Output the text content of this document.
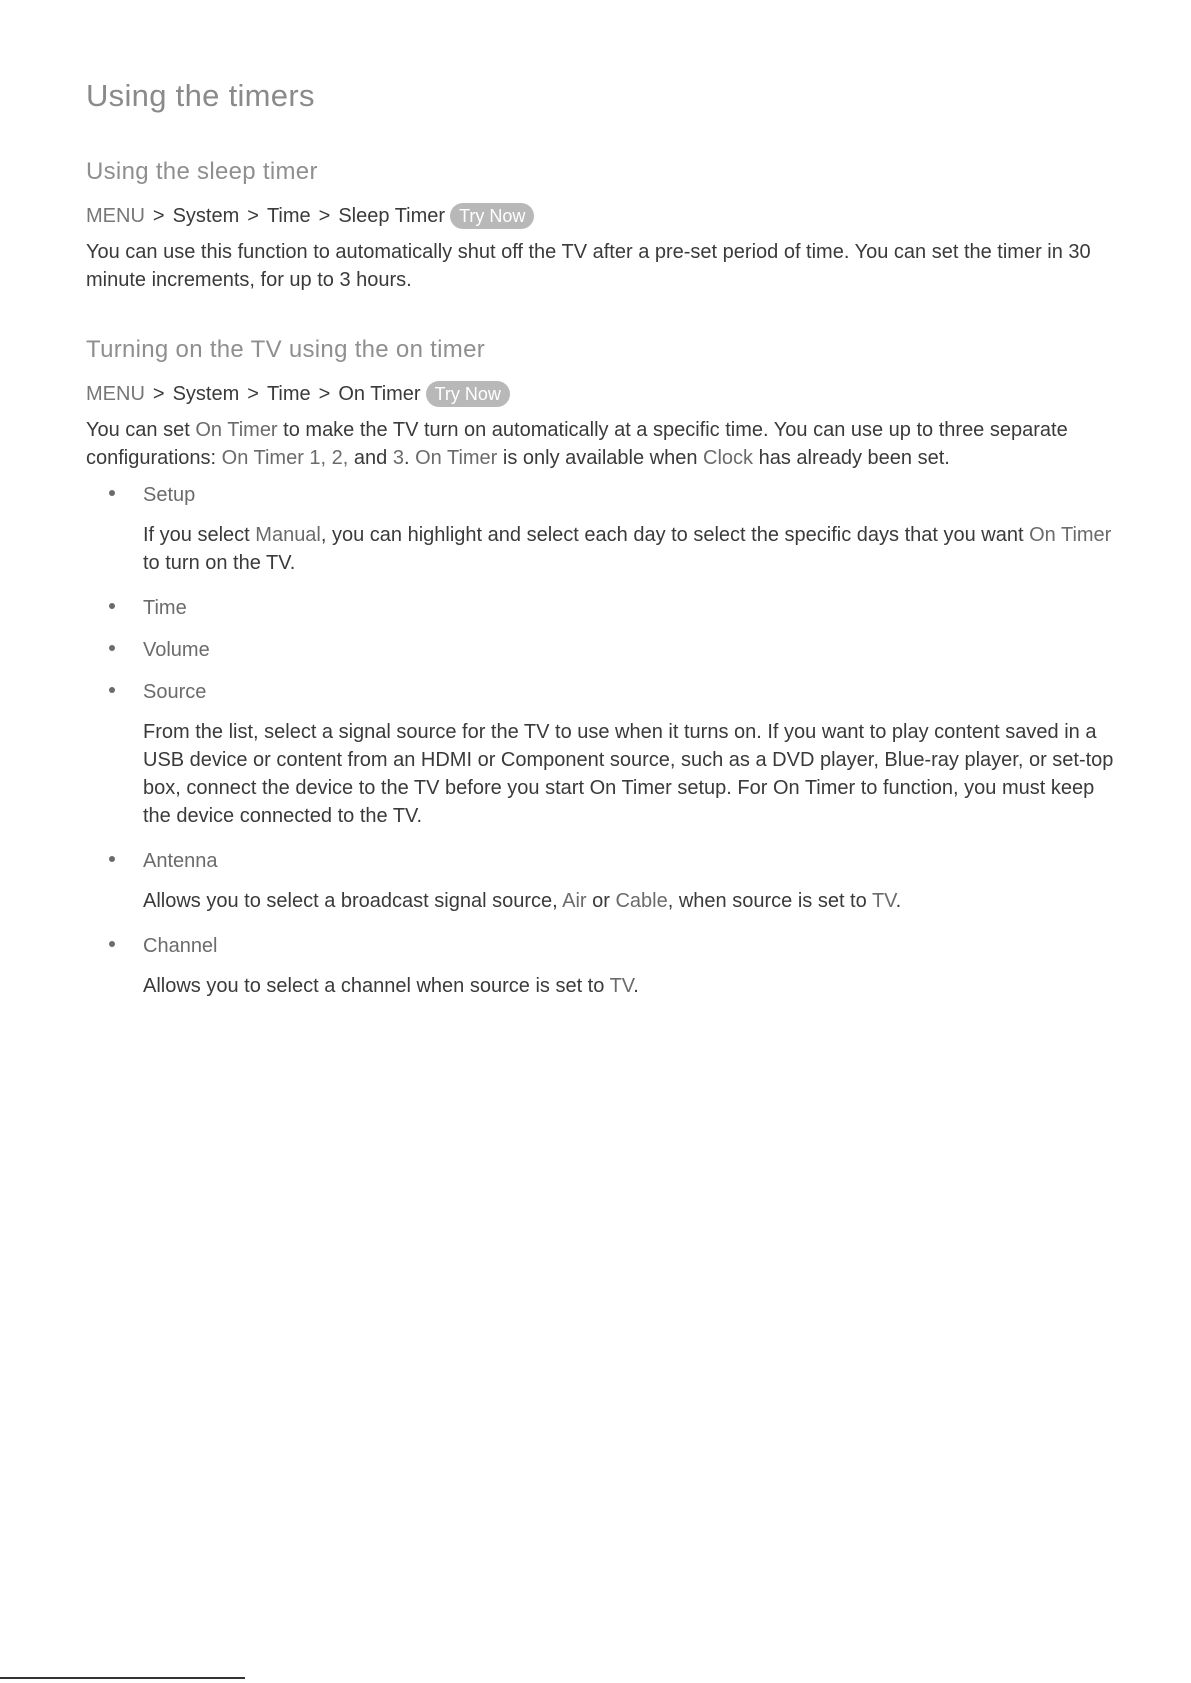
Using the timers
Using the sleep timer
MENU > System > Time > Sleep Timer Try Now

You can use this function to automatically shut off the TV after a pre-set period of time. You can set the timer in 30 minute increments, for up to 3 hours.

Turning on the TV using the on timer
MENU > System > Time > On Timer Try Now

You can set On Timer to make the TV turn on automatically at a specific time. You can use up to three separate configurations: On Timer 1, 2, and 3. On Timer is only available when Clock has already been set.

Setup

If you select Manual, you can highlight and select each day to select the specific days that you want On Timer to turn on the TV.

Time
Volume
Source

From the list, select a signal source for the TV to use when it turns on. If you want to play content saved in a USB device or content from an HDMI or Component source, such as a DVD player, Blue-ray player, or set-top box, connect the device to the TV before you start On Timer setup. For On Timer to function, you must keep the device connected to the TV.

Antenna

Allows you to select a broadcast signal source, Air or Cable, when source is set to TV.

Channel

Allows you to select a channel when source is set to TV.
